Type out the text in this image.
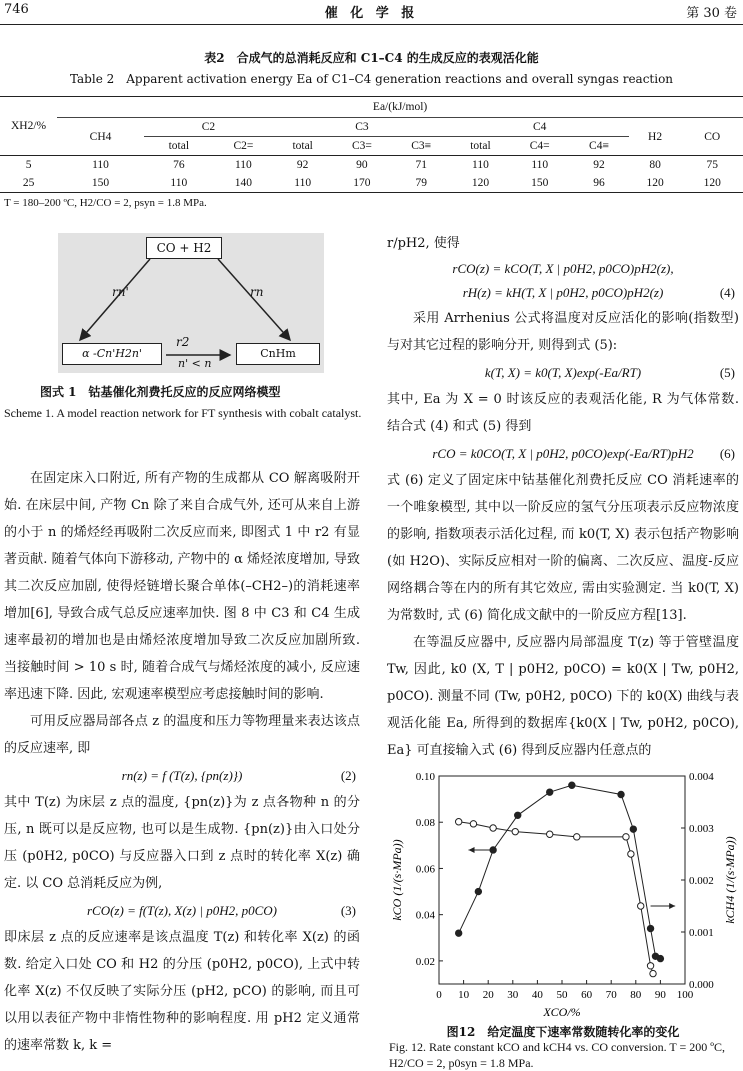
746	催 化 学 报	第 30 卷
表2　合成气的总消耗反应和 C1–C4 的生成反应的表观活化能
Table 2　Apparent activation energy Ea of C1–C4 generation reactions and overall syngas reaction
XH2/%	Ea/(kJ/mol)										
	CH4	C2		C3			C4			H2	CO
		total	C2=	total	C3=	C3≡	total	C4=	C4≡		
5	110	76	110	92	90	71	110	110	92	80	75
25	150	110	140	110	170	79	120	150	96	120	120
T = 180–200 ºC, H2/CO = 2, psyn = 1.8 MPa.
CO + H2
α -Cn'H2n'	CnHm
rn'	rn
r2
n' < n
图式 1　钴基催化剂费托反应的反应网络模型
Scheme 1. A model reaction network for FT synthesis with cobalt catalyst.

在固定床入口附近, 所有产物的生成都从 CO 解离吸附开始. 在床层中间, 产物 Cn 除了来自合成气外, 还可从来自上游的小于 n 的烯烃经再吸附二次反应而来, 即图式 1 中 r2 有显著贡献. 随着气体向下游移动, 产物中的 α 烯烃浓度增加, 导致其二次反应加剧, 使得烃链增长聚合单体(–CH2–)的消耗速率增加[6], 导致合成气总反应速率加快. 图 8 中 C3 和 C4 生成速率最初的增加也是由烯烃浓度增加导致二次反应加剧所致. 当接触时间 > 10 s 时, 随着合成气与烯烃浓度的减小, 反应速率迅速下降. 因此, 宏观速率模型应考虑接触时间的影响.

可用反应器局部各点 z 的温度和压力等物理量来表达该点的反应速率, 即

rn(z) = f (T(z), {pn(z)})	(2)

其中 T(z) 为床层 z 点的温度, {pn(z)}为 z 点各物种 n 的分压, n 既可以是反应物, 也可以是生成物. {pn(z)}由入口处分压 (p0H2, p0CO) 与反应器入口到 z 点时的转化率 X(z) 确定. 以 CO 总消耗反应为例,

rCO(z) = f(T(z), X(z) | p0H2, p0CO)	(3)

即床层 z 点的反应速率是该点温度 T(z) 和转化率 X(z) 的函数. 给定入口处 CO 和 H2 的分压 (p0H2, p0CO), 上式中转化率 X(z) 不仅反映了实际分压 (pH2, pCO) 的影响, 而且可以用以表征产物中非惰性物种的影响程度. 用 pH2 定义通常的速率常数 k, k =

r/pH2, 使得

rCO(z) = kCO(T, X | p0H2, p0CO)pH2(z),
rH(z) = kH(T, X | p0H2, p0CO)pH2(z)	(4)

采用 Arrhenius 公式将温度对反应活化的影响(指数型) 与对其它过程的影响分开, 则得到式 (5):

k(T, X) = k0(T, X)exp(-Ea/RT)	(5)

其中, Ea 为 X = 0 时该反应的表观活化能, R 为气体常数. 结合式 (4) 和式 (5) 得到

rCO = k0CO(T, X | p0H2, p0CO)exp(-Ea/RT)pH2 (6)

式 (6) 定义了固定床中钴基催化剂费托反应 CO 消耗速率的一个唯象模型, 其中以一阶反应的氢气分压项表示反应物浓度的影响, 指数项表示活化过程, 而 k0(T, X) 表示包括产物影响 (如 H2O)、实际反应相对一阶的偏离、二次反应、温度-反应网络耦合等在内的所有其它效应, 需由实验测定. 当 k0(T, X) 为常数时, 式 (6) 简化成文献中的一阶反应方程[13].

在等温反应器中, 反应器内局部温度 T(z) 等于管壁温度 Tw, 因此, k0 (X, T | p0H2, p0CO) = k0(X | Tw, p0H2, p0CO). 测量不同 (Tw, p0H2, p0CO) 下的 k0(X) 曲线与表观活化能 Ea, 所得到的数据库{k0(X | Tw, p0H2, p0CO), Ea} 可直接输入式 (6) 得到反应器内任意点的

0 10 20 30 40 50 60 70 80 90 100
0.02
0.04
0.06
0.08
0.10
0.000
0.001
0.002
0.003
0.004
XCO/%
kCO (1/(s·MPa))	kCH4 (1/(s·MPa))
图12　给定温度下速率常数随转化率的变化
Fig. 12. Rate constant kCO and kCH4 vs. CO conversion. T = 200 ºC, H2/CO = 2, p0syn = 1.8 MPa.
